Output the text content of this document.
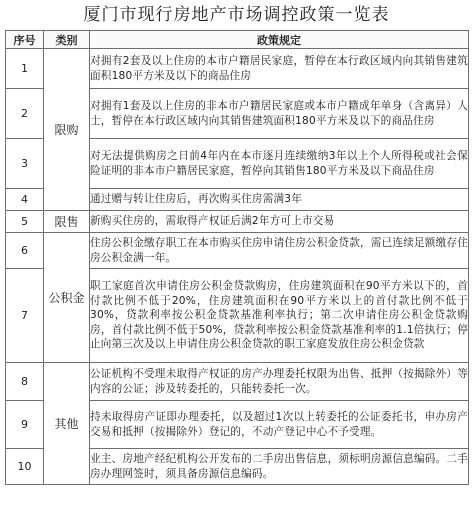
厦门市现行房地产市场调控政策一览表
序号	类别	政策规定
1	限购	对拥有2套及以上住房的本市户籍居民家庭，暂停在本行政区域内向其销售建筑面积180平方米及以下的商品住房
2		对拥有1套及以上住房的非本市户籍居民家庭或本市户籍成年单身（含离异）人士，暂停在本行政区域内向其销售建筑面积180平方米及以下的商品住房
3		对无法提供购房之日前4年内在本市逐月连续缴纳3年以上个人所得税或社会保险证明的非本市户籍居民家庭，暂停向其销售180平方米及以下商品住房
4		通过赠与转让住房后，再次购买住房需满3年
5	限售	新购买住房的，需取得产权证后满2年方可上市交易
6	公积金	住房公积金缴存职工在本市购买住房申请住房公积金贷款，需已连续足额缴存住房公积金满一年。
7		职工家庭首次申请住房公积金贷款购房，住房建筑面积在90平方米以下的，首付款比例不低于20%，住房建筑面积在90平方米以上的首付款比例不低于30%，贷款利率按公积金贷款基准利率执行；第二次申请住房公积金贷款购房，首付款比例不低于50%，贷款利率按公积金贷款基准利率的1.1倍执行；停止向第三次及以上申请住房公积金贷款的职工家庭发放住房公积金贷款
8	其他	公证机构不受理未取得产权证的房产办理委托权限为出售、抵押（按揭除外）等内容的公证；涉及转委托的，只能转委托一次。
9		持未取得房产证即办理委托，以及超过1次以上转委托的公证委托书，申办房产交易和抵押（按揭除外）登记的，不动产登记中心不予受理。
10		业主、房地产经纪机构公开发布的二手房出售信息，须标明房源信息编码。二手房办理网签时，须具备房源信息编码。
